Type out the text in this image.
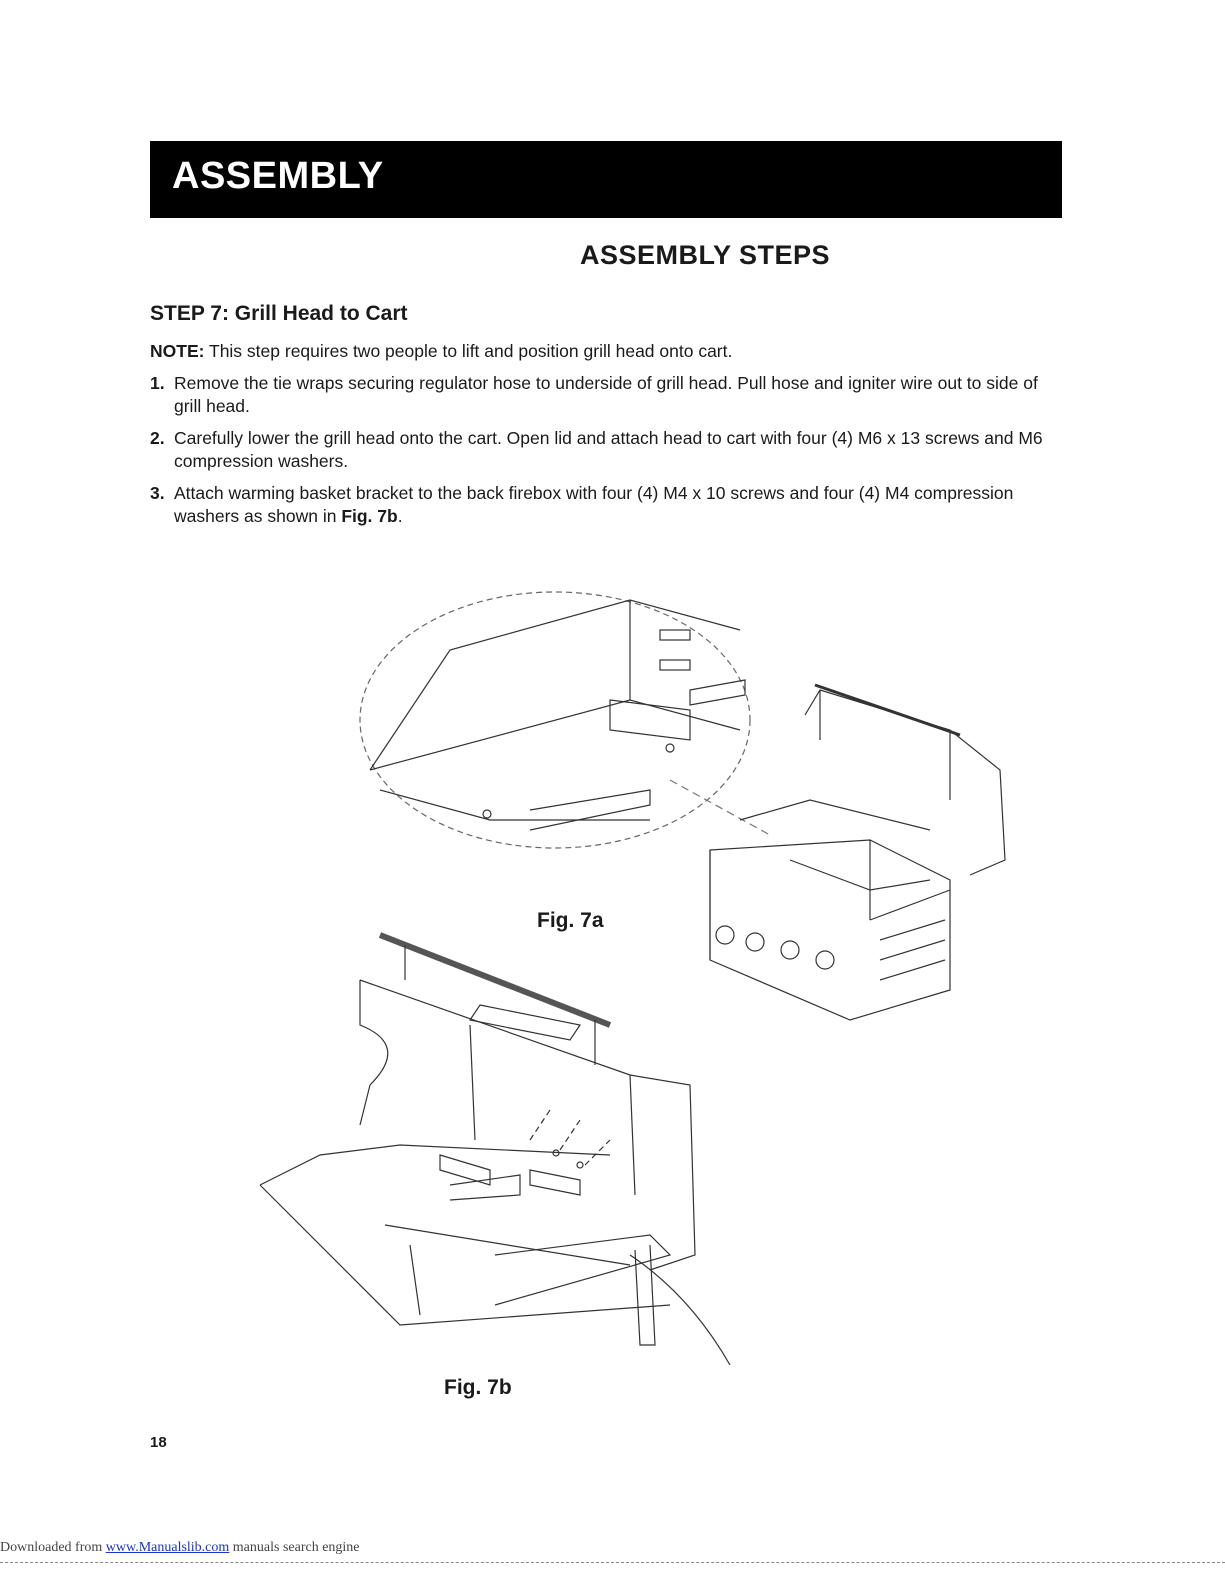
ASSEMBLY
ASSEMBLY STEPS
STEP 7: Grill Head to Cart
NOTE: This step requires two people to lift and position grill head onto cart.
1. Remove the tie wraps securing regulator hose to underside of grill head. Pull hose and igniter wire out to side of grill head.
2. Carefully lower the grill head onto the cart. Open lid and attach head to cart with four (4) M6 x 13 screws and M6 compression washers.
3. Attach warming basket bracket to the back firebox with four (4) M4 x 10 screws and four (4) M4 compression washers as shown in Fig. 7b.
Fig. 7a
Fig. 7b
18
Downloaded from www.Manualslib.com manuals search engine
